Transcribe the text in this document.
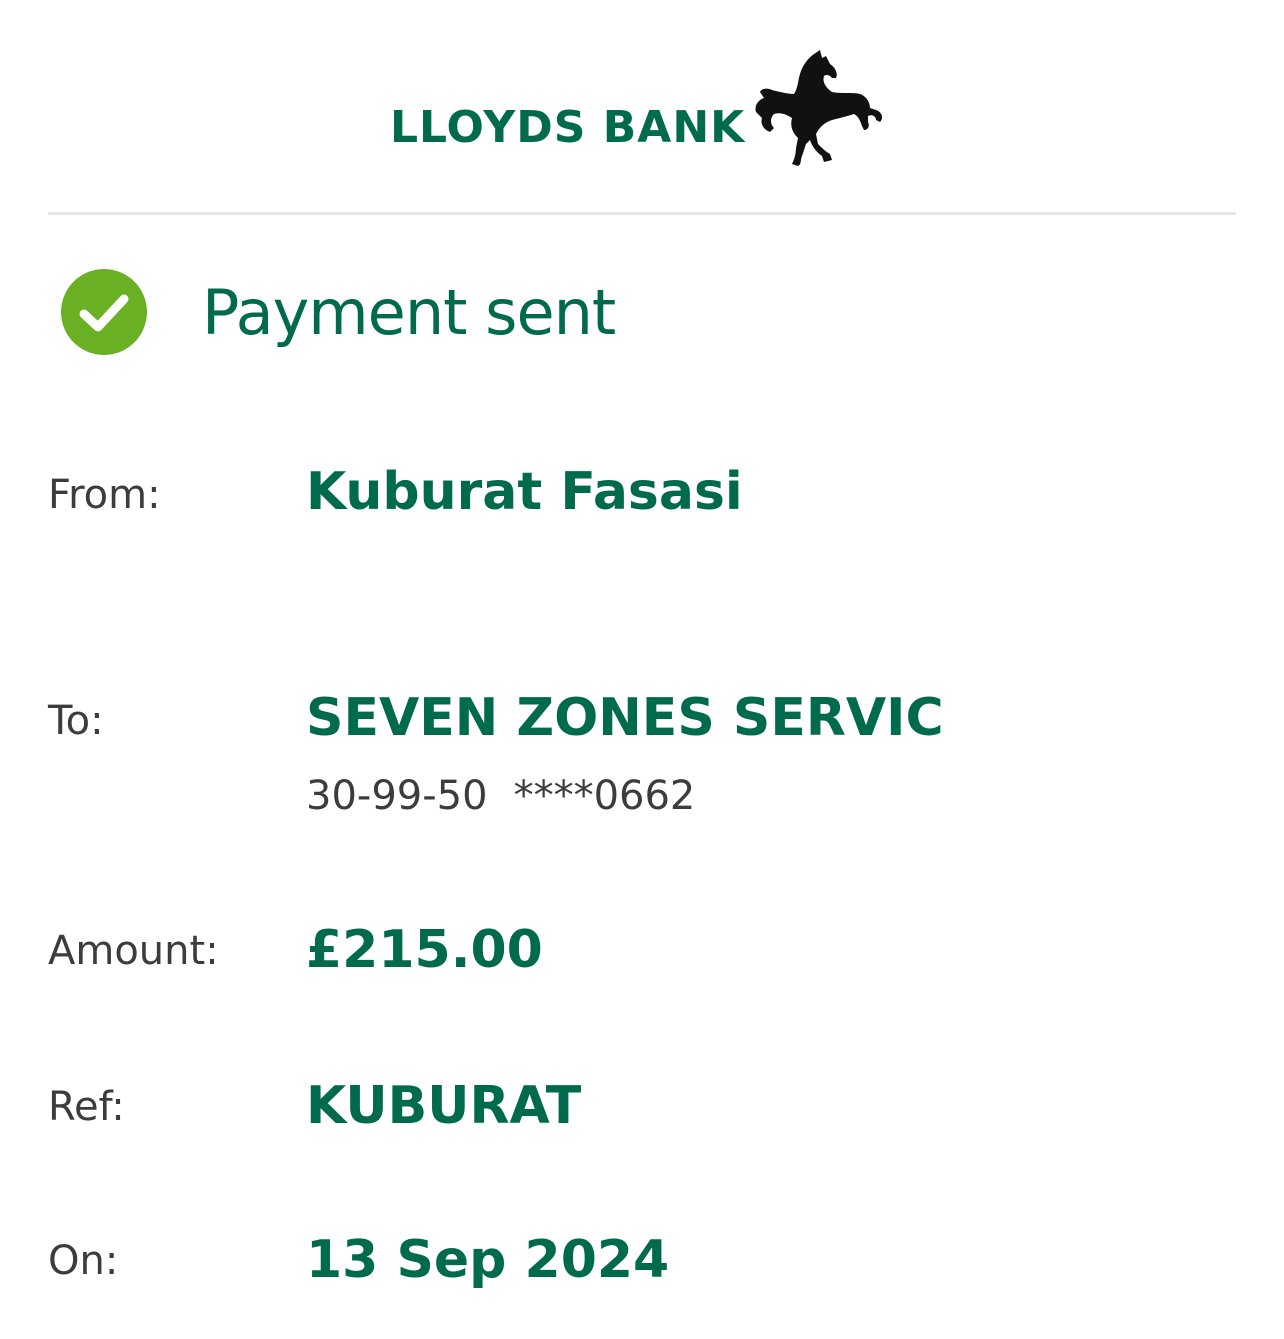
LLOYDS BANK
Payment sent
From:	Kuburat Fasasi
To:	SEVEN ZONES SERVIC
30-99-50 ****0662
Amount: £215.00
Ref:	KUBURAT
On:	13 Sep 2024
